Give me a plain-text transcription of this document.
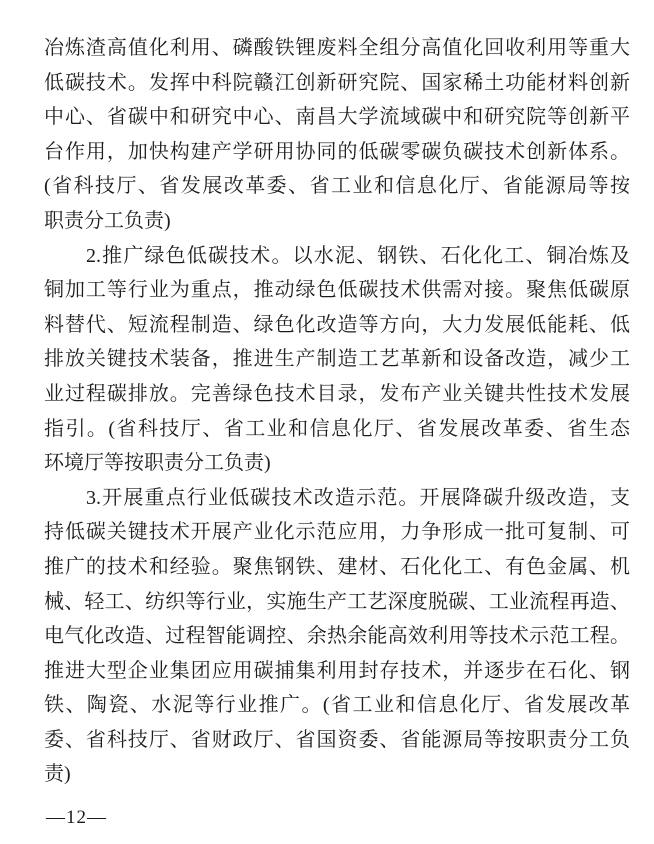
冶炼渣高值化利用、磷酸铁锂废料全组分高值化回收利用等重大
低碳技术。发挥中科院赣江创新研究院、国家稀土功能材料创新
中心、省碳中和研究中心、南昌大学流域碳中和研究院等创新平
台作用，加快构建产学研用协同的低碳零碳负碳技术创新体系。
(省科技厅、省发展改革委、省工业和信息化厅、省能源局等按
职责分工负责)
2.推广绿色低碳技术。以水泥、钢铁、石化化工、铜冶炼及
铜加工等行业为重点，推动绿色低碳技术供需对接。聚焦低碳原
料替代、短流程制造、绿色化改造等方向，大力发展低能耗、低
排放关键技术装备，推进生产制造工艺革新和设备改造，减少工
业过程碳排放。完善绿色技术目录，发布产业关键共性技术发展
指引。(省科技厅、省工业和信息化厅、省发展改革委、省生态
环境厅等按职责分工负责)
3.开展重点行业低碳技术改造示范。开展降碳升级改造，支
持低碳关键技术开展产业化示范应用，力争形成一批可复制、可
推广的技术和经验。聚焦钢铁、建材、石化化工、有色金属、机
械、轻工、纺织等行业，实施生产工艺深度脱碳、工业流程再造、
电气化改造、过程智能调控、余热余能高效利用等技术示范工程。
推进大型企业集团应用碳捕集利用封存技术，并逐步在石化、钢
铁、陶瓷、水泥等行业推广。(省工业和信息化厅、省发展改革
委、省科技厅、省财政厅、省国资委、省能源局等按职责分工负
责)
—12—
